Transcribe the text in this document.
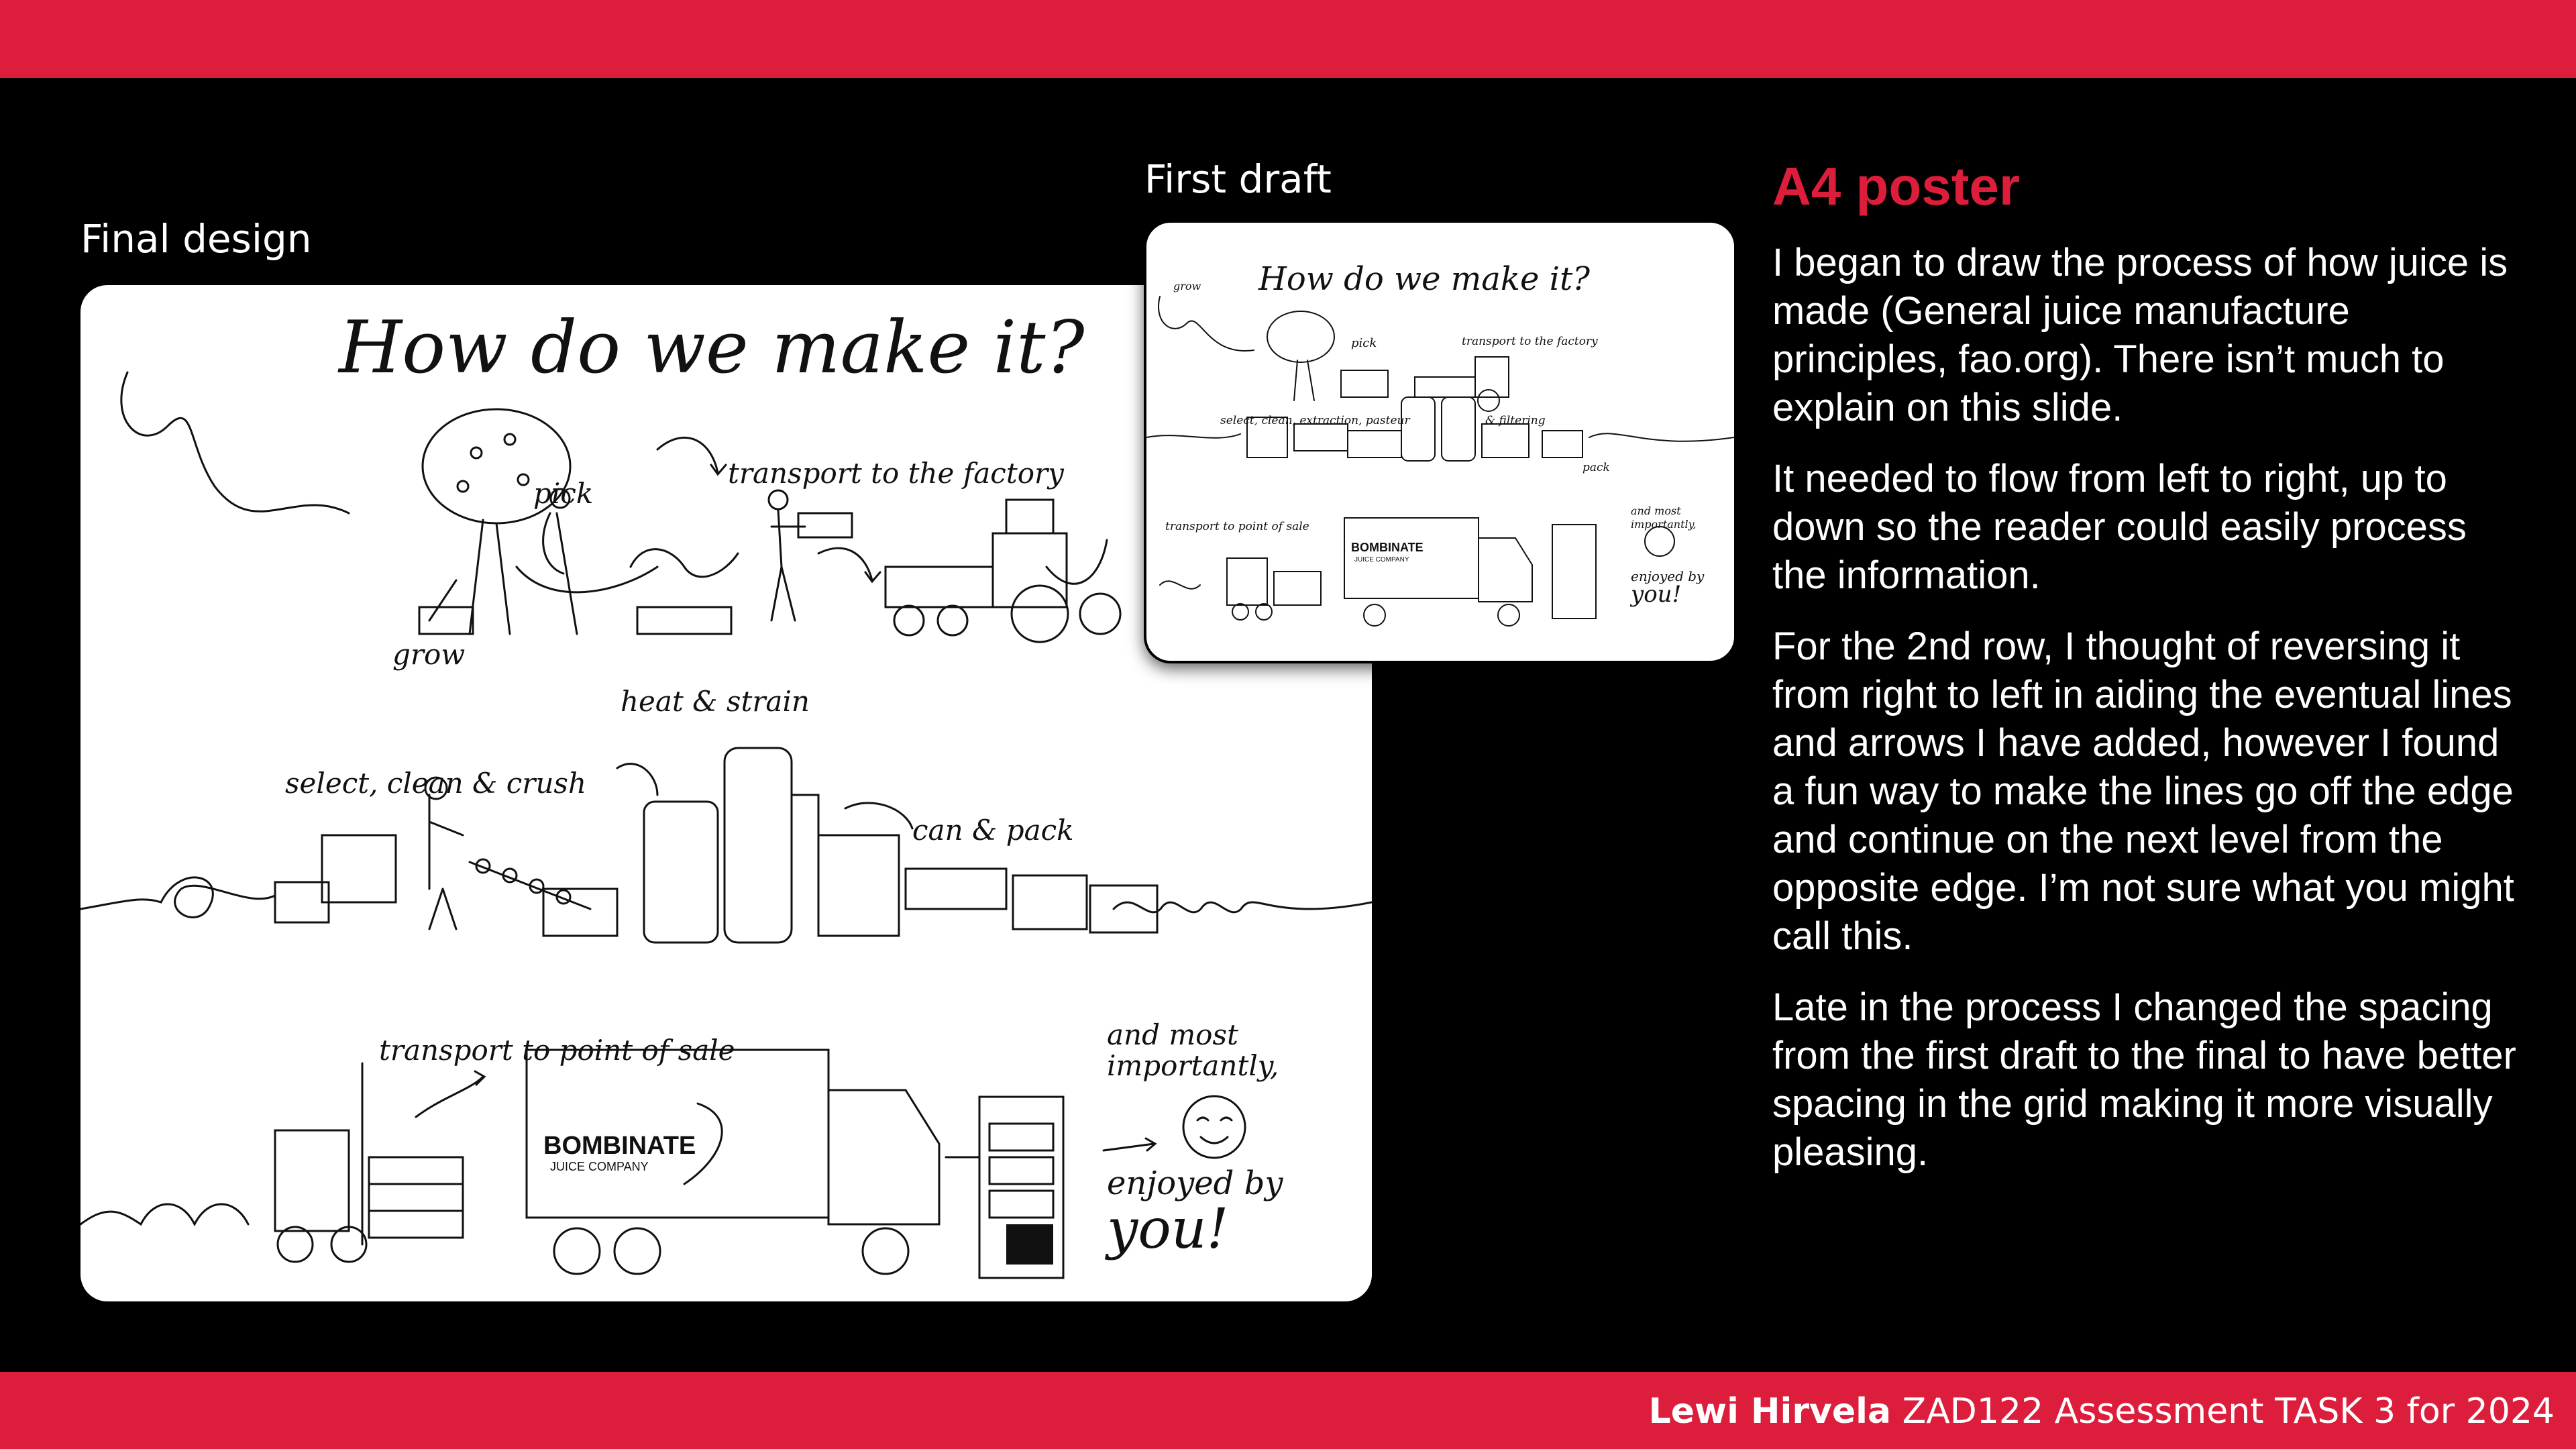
Final design
First draft
How do we make it?
pick
transport to the factory
grow
heat & strain
select, clean & crush
can & pack
transport to point of sale	and most
importantly,
enjoyed by
you!
BOMBINATE
JUICE COMPANY
How do we make it?
grow
pick	transport to the factory
select, clean, extraction, pasteur	& filtering
pack
transport to point of sale
and most
importantly,
enjoyed by
you!
BOMBINATE
JUICE COMPANY
A4 poster

I began to draw the process of how juice is made (General juice manufacture principles, fao.org). There isn’t much to explain on this slide.

It needed to flow from left to right, up to down so the reader could easily process the information.

For the 2nd row, I thought of reversing it from right to left in aiding the eventual lines and arrows I have added, however I found a fun way to make the lines go off the edge and continue on the next level from the opposite edge. I’m not sure what you might call this.

Late in the process I changed the spacing from the first draft to the final to have better spacing in the grid making it more visually pleasing.

Lewi Hirvela ZAD122 Assessment TASK 3 for 2024
